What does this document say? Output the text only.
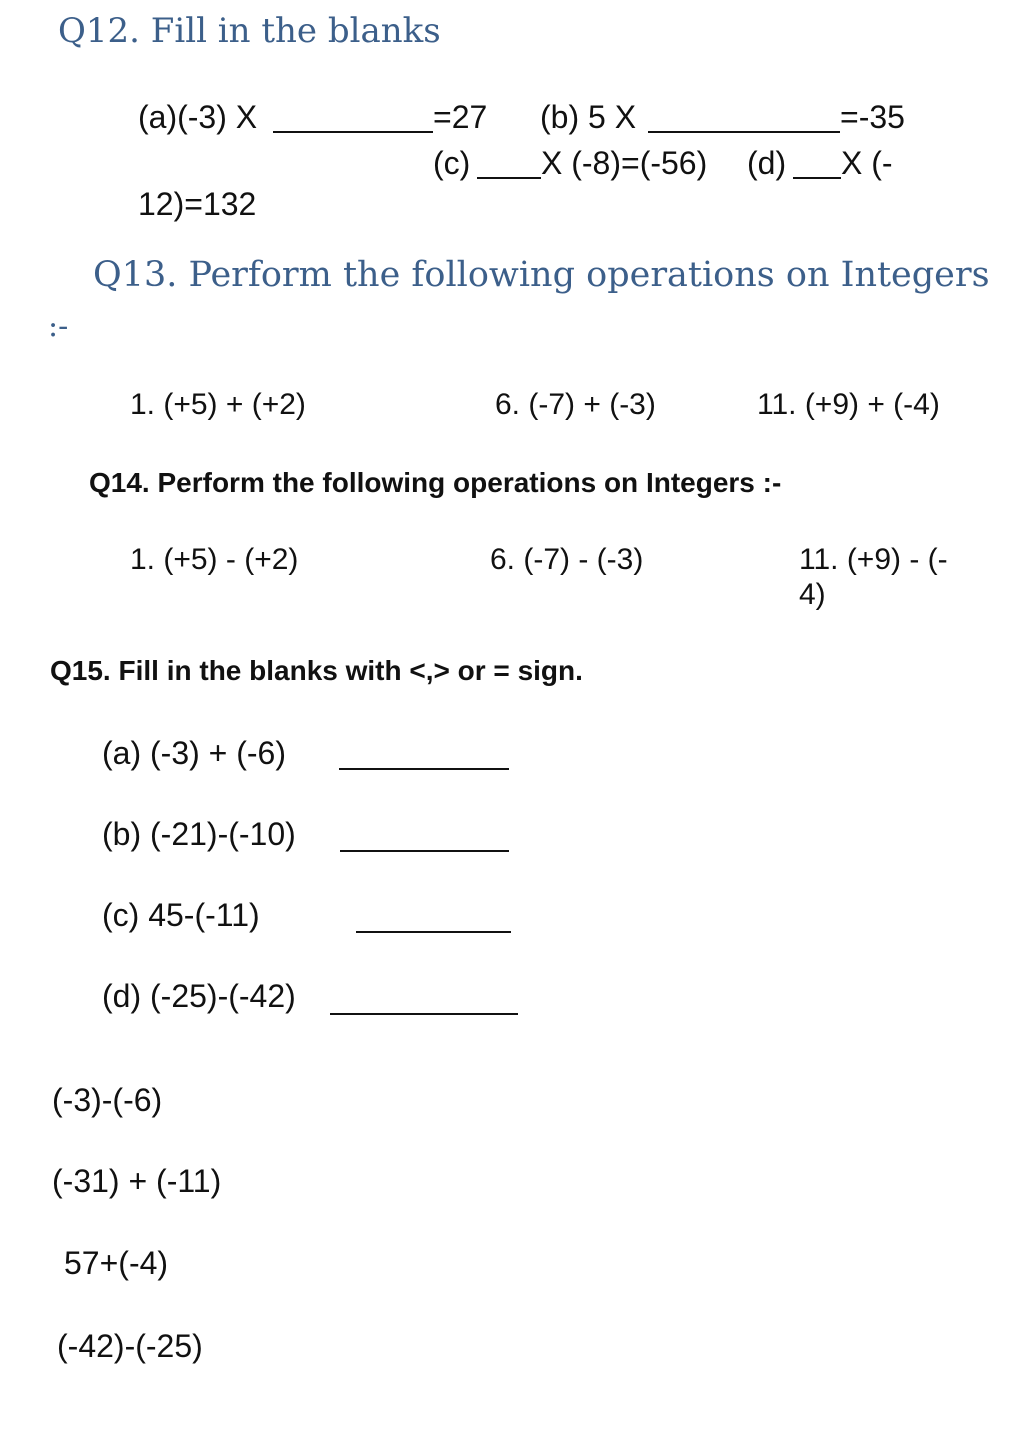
Q12. Fill in the blanks
(a)(-3) X	=27 (b) 5 X	=-35
(c) X (-8)=(-56) (d) X (-
12)=132
Q13. Perform the following operations on Integers
:-
1. (+5) + (+2)	6. (-7) + (-3)	11. (+9) + (-4)
Q14. Perform the following operations on Integers :-
1. (+5) - (+2)	6. (-7) - (-3)	11. (+9) - (-
4)
Q15. Fill in the blanks with <,> or = sign.
(a) (-3) + (-6)
(b) (-21)-(-10)
(c) 45-(-11)
(d) (-25)-(-42)
(-3)-(-6)
(-31) + (-11)
57+(-4)
(-42)-(-25)
